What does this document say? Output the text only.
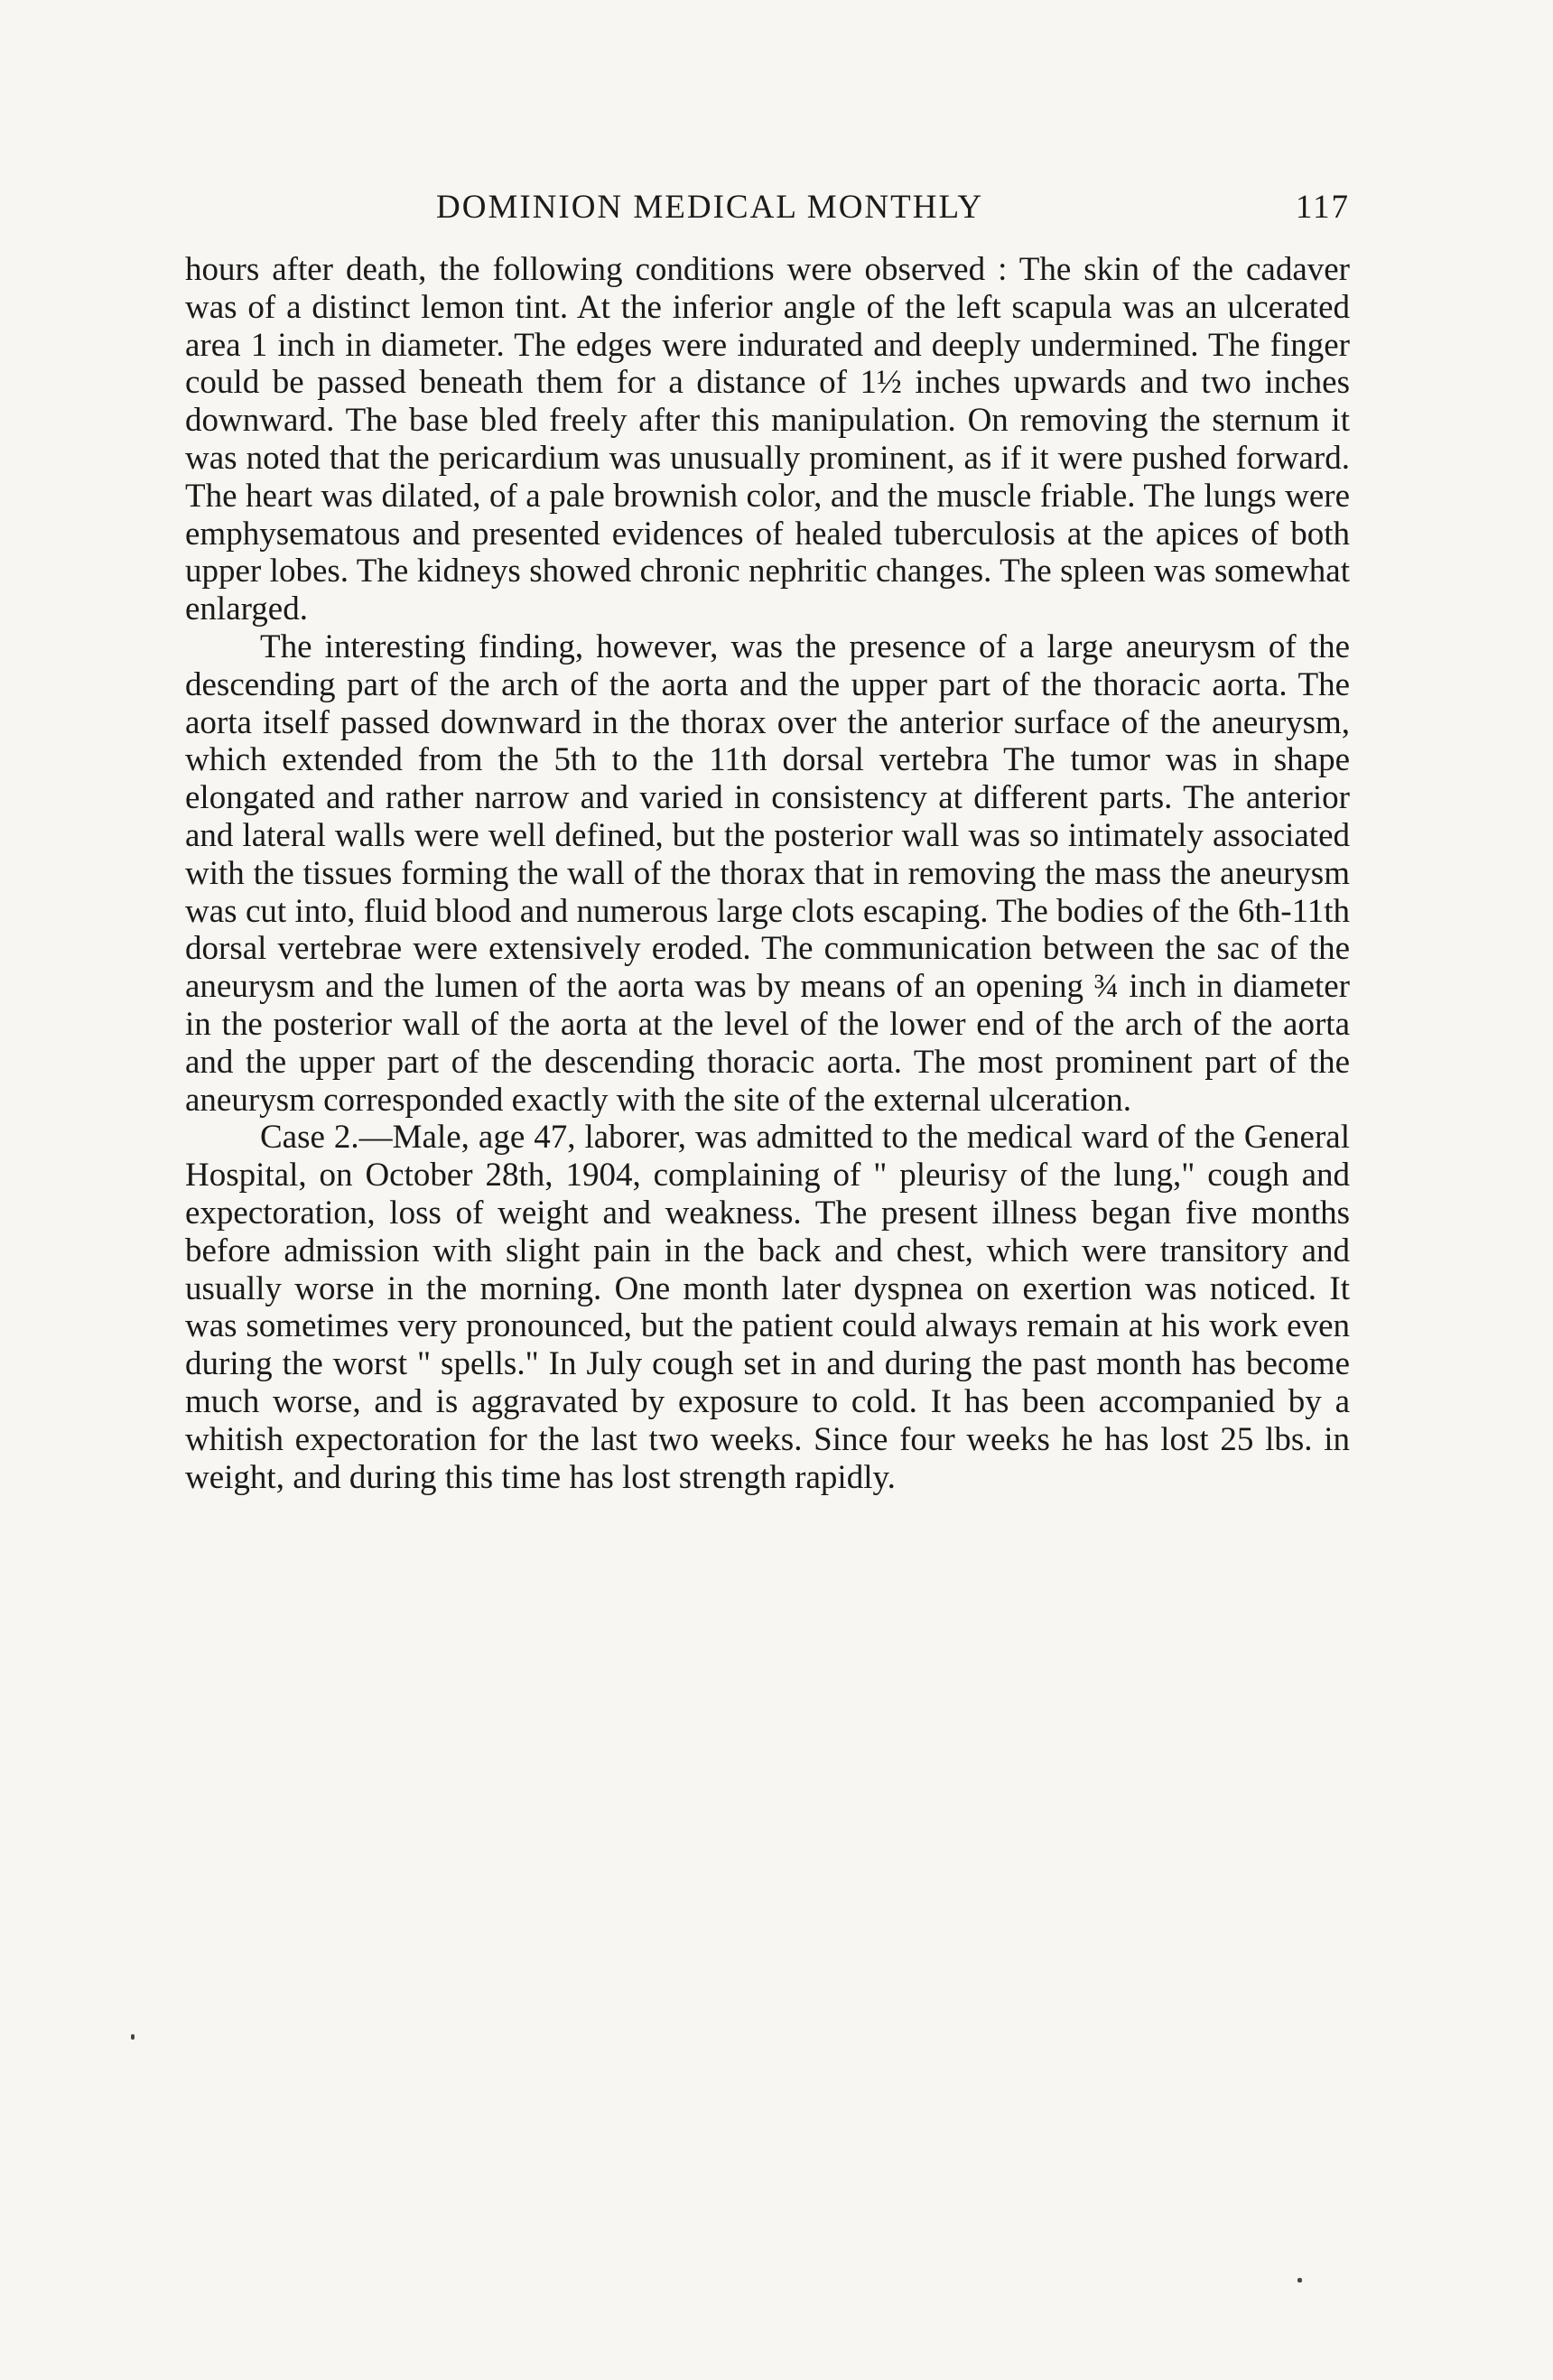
DOMINION MEDICAL MONTHLY	117

hours after death, the following conditions were observed : The skin of the cadaver was of a distinct lemon tint. At the inferior angle of the left scapula was an ulcerated area 1 inch in diameter. The edges were indurated and deeply undermined. The finger could be passed beneath them for a distance of 1½ inches upwards and two inches downward. The base bled freely after this manipulation. On removing the sternum it was noted that the pericardium was unusually prominent, as if it were pushed forward. The heart was dilated, of a pale brownish color, and the muscle friable. The lungs were emphysematous and presented evidences of healed tuberculosis at the apices of both upper lobes. The kidneys showed chronic nephritic changes. The spleen was somewhat enlarged.

The interesting finding, however, was the presence of a large aneurysm of the descending part of the arch of the aorta and the upper part of the thoracic aorta. The aorta itself passed downward in the thorax over the anterior surface of the aneurysm, which extended from the 5th to the 11th dorsal vertebra The tumor was in shape elongated and rather narrow and varied in consistency at different parts. The anterior and lateral walls were well defined, but the posterior wall was so intimately associated with the tissues forming the wall of the thorax that in removing the mass the aneurysm was cut into, fluid blood and numerous large clots escaping. The bodies of the 6th-11th dorsal vertebrae were extensively eroded. The communication between the sac of the aneurysm and the lumen of the aorta was by means of an opening ¾ inch in diameter in the posterior wall of the aorta at the level of the lower end of the arch of the aorta and the upper part of the descending thoracic aorta. The most prominent part of the aneurysm corresponded exactly with the site of the external ulceration.

Case 2.—Male, age 47, laborer, was admitted to the medical ward of the General Hospital, on October 28th, 1904, complaining of " pleurisy of the lung," cough and expectoration, loss of weight and weakness. The present illness began five months before admission with slight pain in the back and chest, which were transitory and usually worse in the morning. One month later dyspnea on exertion was noticed. It was sometimes very pronounced, but the patient could always remain at his work even during the worst " spells." In July cough set in and during the past month has become much worse, and is aggravated by exposure to cold. It has been accompanied by a whitish expectoration for the last two weeks. Since four weeks he has lost 25 lbs. in weight, and during this time has lost strength rapidly.
